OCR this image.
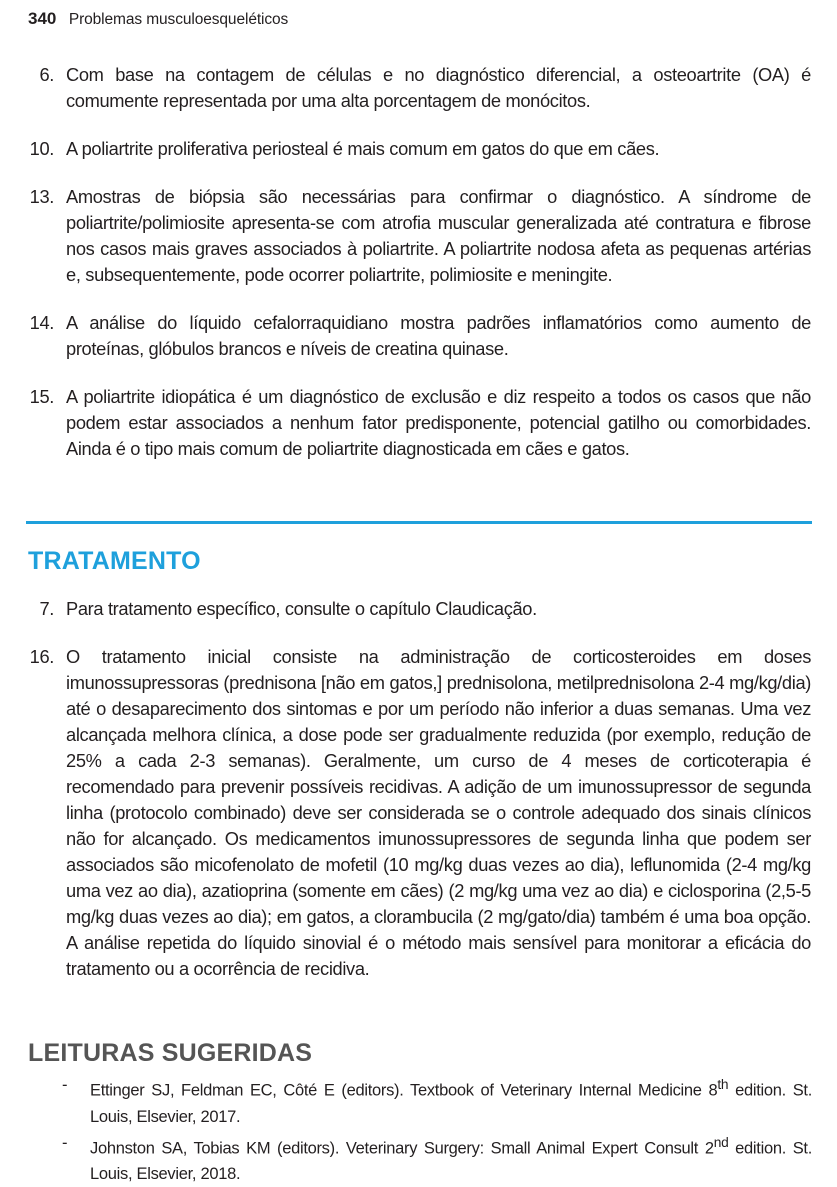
340 Problemas musculoesqueléticos
6. Com base na contagem de células e no diagnóstico diferencial, a osteoartrite (OA) é comumente representada por uma alta porcentagem de monócitos.
10. A poliartrite proliferativa periosteal é mais comum em gatos do que em cães.
13. Amostras de biópsia são necessárias para confirmar o diagnóstico. A síndrome de poliartrite/polimiosite apresenta-se com atrofia muscular generalizada até contratura e fibrose nos casos mais graves associados à poliartrite. A poliartrite nodosa afeta as pequenas artérias e, subsequentemente, pode ocorrer poliartrite, polimiosite e meningite.
14. A análise do líquido cefalorraquidiano mostra padrões inflamatórios como aumento de proteínas, glóbulos brancos e níveis de creatina quinase.
15. A poliartrite idiopática é um diagnóstico de exclusão e diz respeito a todos os casos que não podem estar associados a nenhum fator predisponente, potencial gatilho ou comorbidades. Ainda é o tipo mais comum de poliartrite diagnosticada em cães e gatos.
TRATAMENTO
7. Para tratamento específico, consulte o capítulo Claudicação.
16. O tratamento inicial consiste na administração de corticosteroides em doses imunossupressoras (prednisona [não em gatos,] prednisolona, metilprednisolona 2-4 mg/kg/dia) até o desaparecimento dos sintomas e por um período não inferior a duas semanas. Uma vez alcançada melhora clínica, a dose pode ser gradualmente reduzida (por exemplo, redução de 25% a cada 2-3 semanas). Geralmente, um curso de 4 meses de corticoterapia é recomendado para prevenir possíveis recidivas. A adição de um imunossupressor de segunda linha (protocolo combinado) deve ser considerada se o controle adequado dos sinais clínicos não for alcançado. Os medicamentos imunossupressores de segunda linha que podem ser associados são micofenolato de mofetil (10 mg/kg duas vezes ao dia), leflunomida (2-4 mg/kg uma vez ao dia), azatioprina (somente em cães) (2 mg/kg uma vez ao dia) e ciclosporina (2,5-5 mg/kg duas vezes ao dia); em gatos, a clorambucila (2 mg/gato/dia) também é uma boa opção. A análise repetida do líquido sinovial é o método mais sensível para monitorar a eficácia do tratamento ou a ocorrência de recidiva.
LEITURAS SUGERIDAS
- Ettinger SJ, Feldman EC, Côté E (editors). Textbook of Veterinary Internal Medicine 8th edition. St. Louis, Elsevier, 2017.
- Johnston SA, Tobias KM (editors). Veterinary Surgery: Small Animal Expert Consult 2nd edition. St. Louis, Elsevier, 2018.
